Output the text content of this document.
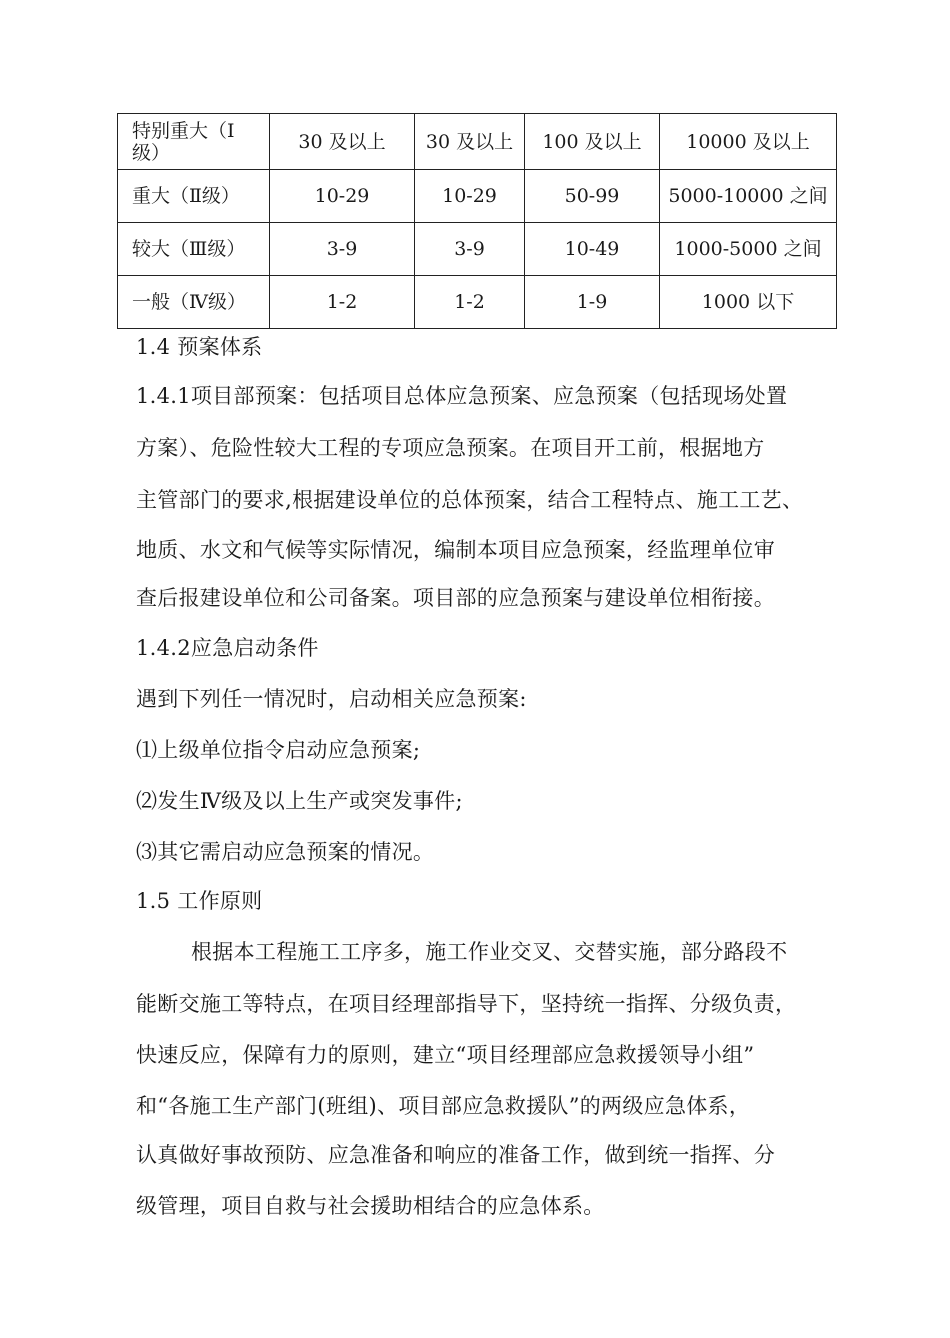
特别重大（Ⅰ级）	30 及以上	30 及以上	100 及以上	10000 及以上
重大（Ⅱ级）	10-29	10-29	50-99	5000-10000 之间
较大（Ⅲ级）	3-9	3-9	10-49	1000-5000 之间
一般（Ⅳ级）	1-2	1-2	1-9	1000 以下
1.4 预案体系
1.4.1项目部预案：包括项目总体应急预案、应急预案（包括现场处置
方案）、危险性较大工程的专项应急预案。在项目开工前，根据地方
主管部门的要求,根据建设单位的总体预案，结合工程特点、施工工艺、
地质、水文和气候等实际情况，编制本项目应急预案，经监理单位审
查后报建设单位和公司备案。项目部的应急预案与建设单位相衔接。
1.4.2应急启动条件
遇到下列任一情况时，启动相关应急预案:
⑴上级单位指令启动应急预案;
⑵发生Ⅳ级及以上生产或突发事件;
⑶其它需启动应急预案的情况。
1.5 工作原则
根据本工程施工工序多，施工作业交叉、交替实施，部分路段不
能断交施工等特点，在项目经理部指导下，坚持统一指挥、分级负责，
快速反应，保障有力的原则，建立“项目经理部应急救援领导小组”
和“各施工生产部门(班组)、项目部应急救援队”的两级应急体系，
认真做好事故预防、应急准备和响应的准备工作，做到统一指挥、分
级管理，项目自救与社会援助相结合的应急体系。
